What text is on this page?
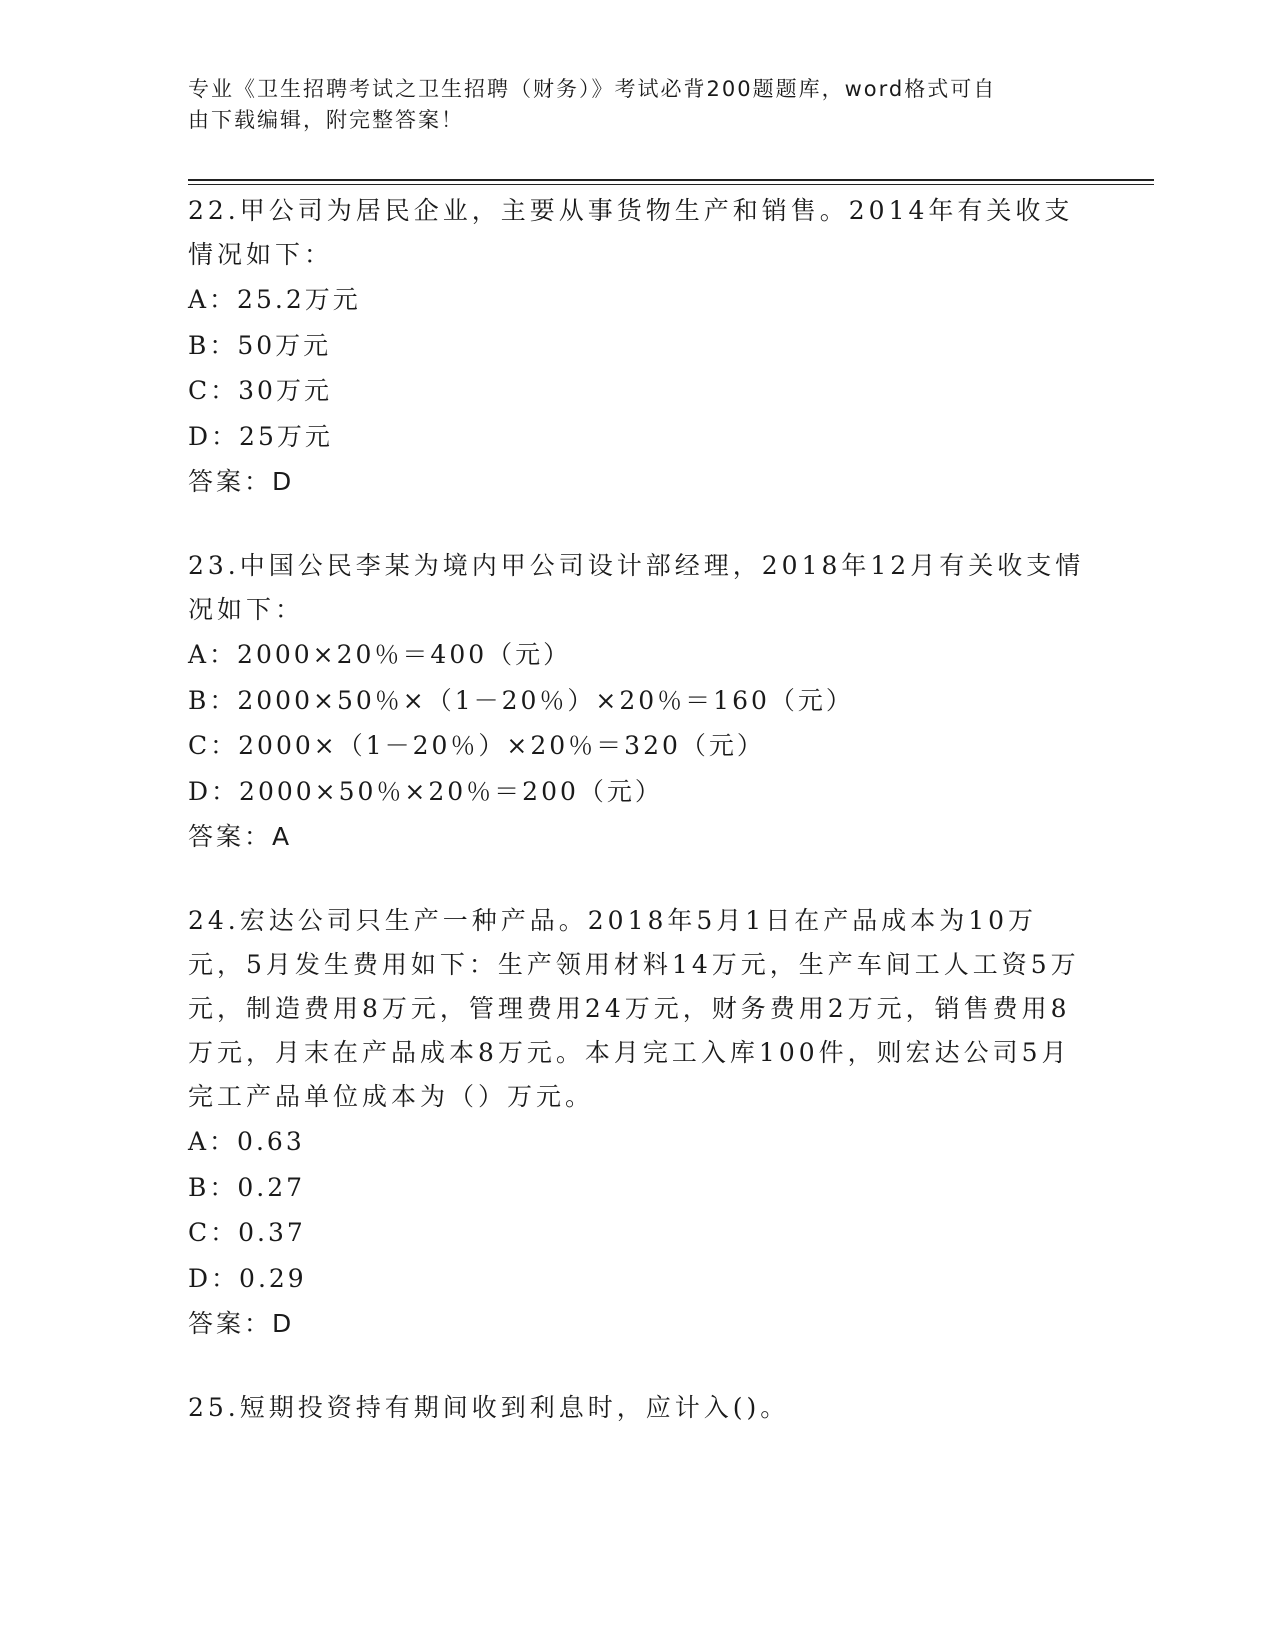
专业《卫生招聘考试之卫生招聘（财务）》考试必背200题题库，word格式可自
由下载编辑，附完整答案！

22.甲公司为居民企业，主要从事货物生产和销售。2014年有关收支情况如下：

A：25.2万元

B：50万元

C：30万元

D：25万元

答案：D

23.中国公民李某为境内甲公司设计部经理，2018年12月有关收支情况如下：

A：2000×20％＝400（元）

B：2000×50％×（1－20％）×20％＝160（元）

C：2000×（1－20％）×20％＝320（元）

D：2000×50％×20％＝200（元）

答案：A

24.宏达公司只生产一种产品。2018年5月1日在产品成本为10万元，5月发生费用如下：生产领用材料14万元，生产车间工人工资5万元，制造费用8万元，管理费用24万元，财务费用2万元，销售费用8万元，月末在产品成本8万元。本月完工入库100件，则宏达公司5月完工产品单位成本为（）万元。

A：0.63

B：0.27

C：0.37

D：0.29

答案：D

25.短期投资持有期间收到利息时，应计入()。
